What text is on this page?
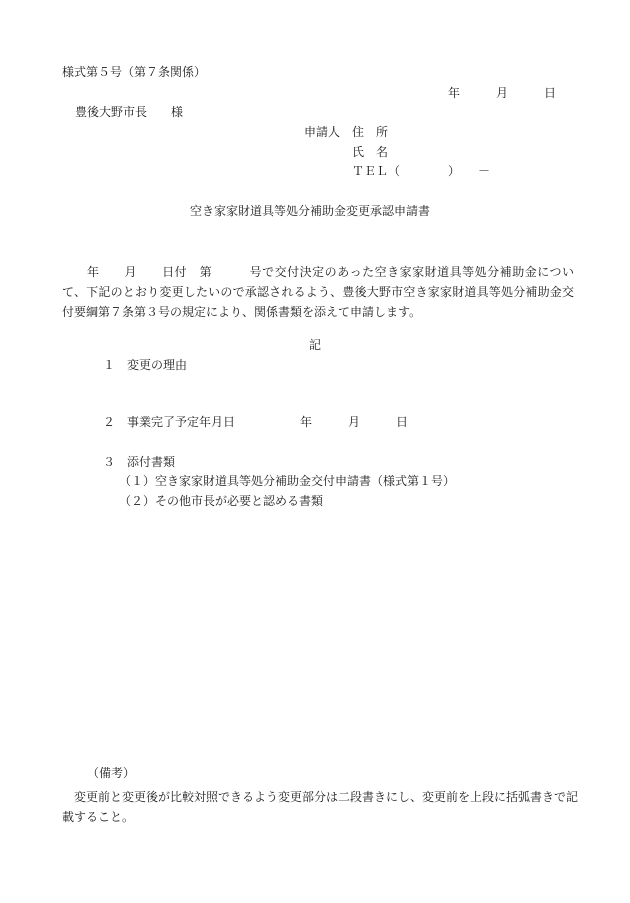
様式第５号（第７条関係）
年　　　月　　　日
豊後大野市長　　様
申請人 住　所
氏　名
ＴＥＬ（　　　　）　　－
空き家家財道具等処分補助金変更承認申請書
　　年　　月　　日付　第　　　号で交付決定のあった空き家家財道具等処分補助金について、下記のとおり変更したいので承認されるよう、豊後大野市空き家家財道具等処分補助金交付要綱第７条第３号の規定により、関係書類を添えて申請します。
記
１　変更の理由
２　事業完了予定年月日	年　　　月　　　日
３　添付書類
（１）空き家家財道具等処分補助金交付申請書（様式第１号）
（２）その他市長が必要と認める書類
（備考）
　変更前と変更後が比較対照できるよう変更部分は二段書きにし、変更前を上段に括弧書きで記載すること。
